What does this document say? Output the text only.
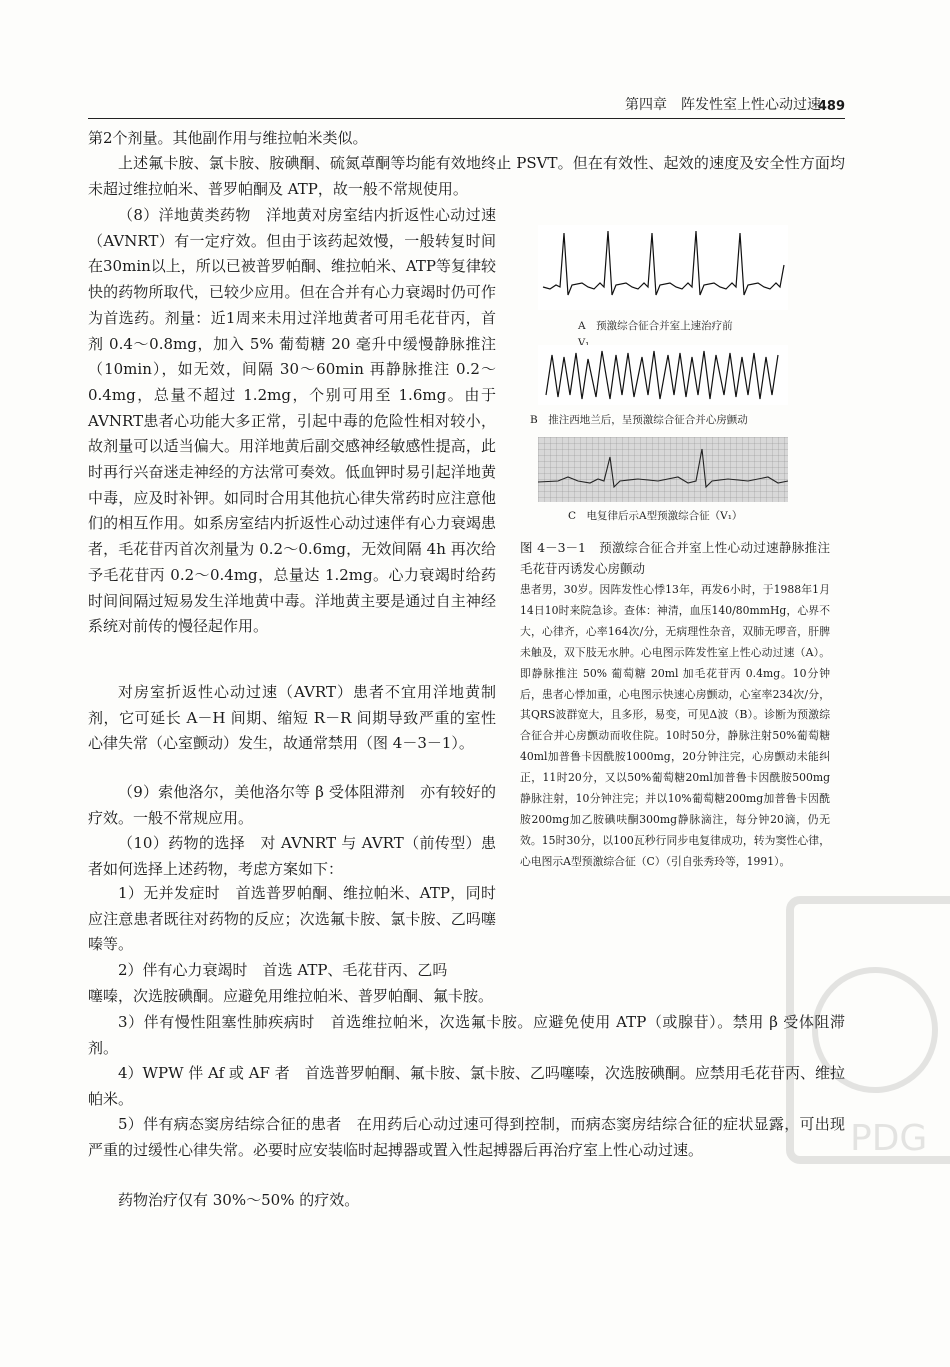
第四章　阵发性室上性心动过速
489

第2个剂量。其他副作用与维拉帕米类似。

上述氟卡胺、氯卡胺、胺碘酮、硫氮䓬酮等均能有效地终止 PSVT。但在有效性、起效的速度及安全性方面均未超过维拉帕米、普罗帕酮及 ATP，故一般不常规使用。

（8）洋地黄类药物　洋地黄对房室结内折返性心动过速（AVNRT）有一定疗效。但由于该药起效慢，一般转复时间在30min以上，所以已被普罗帕酮、维拉帕米、ATP等复律较快的药物所取代，已较少应用。但在合并有心力衰竭时仍可作为首选药。剂量：近1周来未用过洋地黄者可用毛花苷丙，首剂 0.4～0.8mg，加入 5% 葡萄糖 20 毫升中缓慢静脉推注（10min），如无效，间隔 30～60min 再静脉推注 0.2～0.4mg，总量不超过 1.2mg，个别可用至 1.6mg。由于AVNRT患者心功能大多正常，引起中毒的危险性相对较小，故剂量可以适当偏大。用洋地黄后副交感神经敏感性提高，此时再行兴奋迷走神经的方法常可奏效。低血钾时易引起洋地黄中毒，应及时补钾。如同时合用其他抗心律失常药时应注意他们的相互作用。如系房室结内折返性心动过速伴有心力衰竭患者，毛花苷丙首次剂量为 0.2～0.6mg，无效间隔 4h 再次给予毛花苷丙 0.2～0.4mg，总量达 1.2mg。心力衰竭时给药时间间隔过短易发生洋地黄中毒。洋地黄主要是通过自主神经系统对前传的慢径起作用。

对房室折返性心动过速（AVRT）患者不宜用洋地黄制剂，它可延长 A－H 间期、缩短 R－R 间期导致严重的室性心律失常（心室颤动）发生，故通常禁用（图 4－3－1）。

（9）索他洛尔，美他洛尔等 β 受体阻滞剂　亦有较好的疗效。一般不常规应用。

（10）药物的选择　对 AVNRT 与 AVRT（前传型）患者如何选择上述药物，考虑方案如下：

1）无并发症时　首选普罗帕酮、维拉帕米、ATP，同时应注意患者既往对药物的反应；次选氟卡胺、氯卡胺、乙吗噻嗪等。

2）伴有心力衰竭时　首选 ATP、毛花苷丙、乙吗

噻嗪，次选胺碘酮。应避免用维拉帕米、普罗帕酮、氟卡胺。

3）伴有慢性阻塞性肺疾病时　首选维拉帕米，次选氟卡胺。应避免使用 ATP（或腺苷）。禁用 β 受体阻滞剂。

4）WPW 伴 Af 或 AF 者　首选普罗帕酮、氟卡胺、氯卡胺、乙吗噻嗪，次选胺碘酮。应禁用毛花苷丙、维拉帕米。

5）伴有病态窦房结综合征的患者　在用药后心动过速可得到控制，而病态窦房结综合征的症状显露，可出现严重的过缓性心律失常。必要时应安装临时起搏器或置入性起搏器后再治疗室上性心动过速。

药物治疗仅有 30%～50% 的疗效。

A　预激综合征合并室上速治疗前
V₁
B　推注西地兰后，呈预激综合征合并心房颤动
C　电复律后示A型预激综合征（V₁）
图 4－3－1　预激综合征合并室上性心动过速静脉推注毛花苷丙诱发心房颤动

患者男，30岁。因阵发性心悸13年，再发6小时，于1988年1月14日10时来院急诊。查体：神清，血压140/80mmHg，心界不大，心律齐，心率164次/分，无病理性杂音，双肺无啰音，肝脾未触及，双下肢无水肿。心电图示阵发性室上性心动过速（A）。即静脉推注 50% 葡萄糖 20ml 加毛花苷丙 0.4mg。10分钟后，患者心悸加重，心电图示快速心房颤动，心室率234次/分，其QRS波群宽大，且多形，易变，可见Δ波（B）。诊断为预激综合征合并心房颤动而收住院。10时50分，静脉注射50%葡萄糖40ml加普鲁卡因酰胺1000mg，20分钟注完，心房颤动未能纠正，11时20分，又以50%葡萄糖20ml加普鲁卡因酰胺500mg静脉注射，10分钟注完；并以10%葡萄糖200mg加普鲁卡因酰胺200mg加乙胺碘呋酮300mg静脉滴注，每分钟20滴，仍无效。15时30分，以100瓦秒行同步电复律成功，转为窦性心律，心电图示A型预激综合征（C）（引自张秀玲等，1991）。

PDG
